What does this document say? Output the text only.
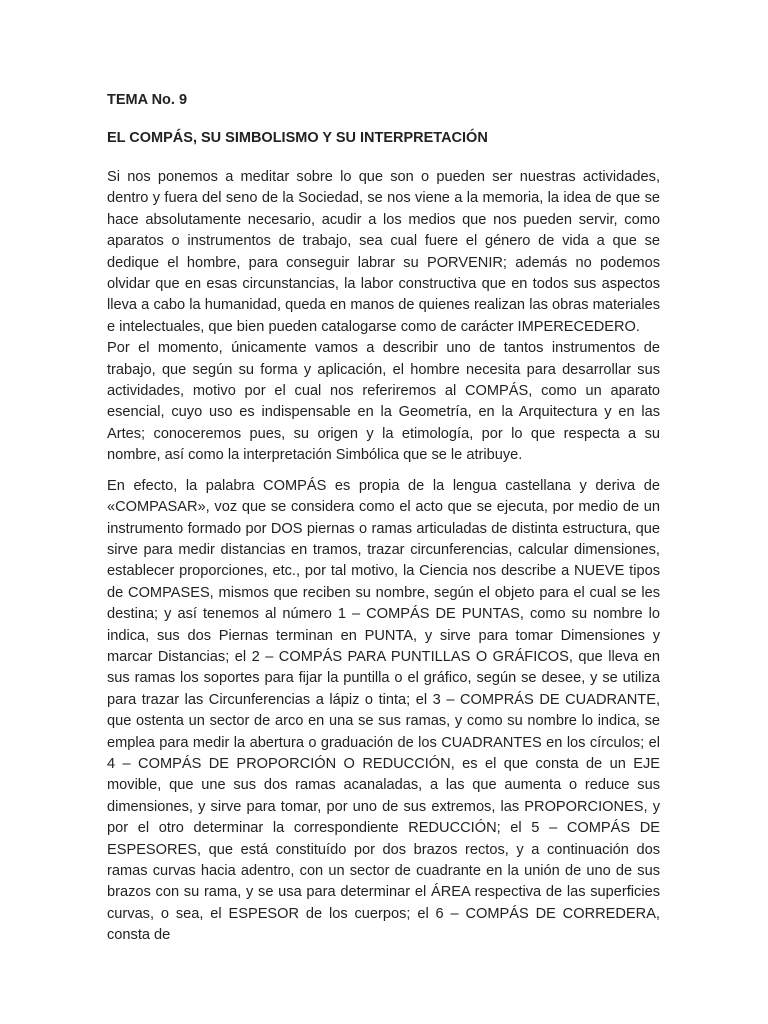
TEMA No. 9
EL COMPÁS, SU SIMBOLISMO Y SU INTERPRETACIÓN

Si nos ponemos a meditar sobre lo que son o pueden ser nuestras actividades, dentro y fuera del seno de la Sociedad, se nos viene a la memoria, la idea de que se hace absolutamente necesario, acudir a los medios que nos pueden servir, como aparatos o instrumentos de trabajo, sea cual fuere el género de vida a que se dedique el hombre, para conseguir labrar su PORVENIR; además no podemos olvidar que en esas circunstancias, la labor constructiva que en todos sus aspectos lleva a cabo la humanidad, queda en manos de quienes realizan las obras materiales e intelectuales, que bien pueden catalogarse como de carácter IMPERECEDERO.

Por el momento, únicamente vamos a describir uno de tantos instrumentos de trabajo, que según su forma y aplicación, el hombre necesita para desarrollar sus actividades, motivo por el cual nos referiremos al COMPÁS, como un aparato esencial, cuyo uso es indispensable en la Geometría, en la Arquitectura y en las Artes; conoceremos pues, su origen y la etimología, por lo que respecta a su nombre, así como la interpretación Simbólica que se le atribuye.

En efecto, la palabra COMPÁS es propia de la lengua castellana y deriva de «COMPASAR», voz que se considera como el acto que se ejecuta, por medio de un instrumento formado por DOS piernas o ramas articuladas de distinta estructura, que sirve para medir distancias en tramos, trazar circunferencias, calcular dimensiones, establecer proporciones, etc., por tal motivo, la Ciencia nos describe a NUEVE tipos de COMPASES, mismos que reciben su nombre, según el objeto para el cual se les destina; y así tenemos al número 1 – COMPÁS DE PUNTAS, como su nombre lo indica, sus dos Piernas terminan en PUNTA, y sirve para tomar Dimensiones y marcar Distancias; el 2 – COMPÁS PARA PUNTILLAS O GRÁFICOS, que lleva en sus ramas los soportes para fijar la puntilla o el gráfico, según se desee, y se utiliza para trazar las Circunferencias a lápiz o tinta; el 3 – COMPRÁS DE CUADRANTE, que ostenta un sector de arco en una se sus ramas, y como su nombre lo indica, se emplea para medir la abertura o graduación de los CUADRANTES en los círculos; el 4 – COMPÁS DE PROPORCIÓN O REDUCCIÓN, es el que consta de un EJE movible, que une sus dos ramas acanaladas, a las que aumenta o reduce sus dimensiones, y sirve para tomar, por uno de sus extremos, las PROPORCIONES, y por el otro determinar la correspondiente REDUCCIÓN; el 5 – COMPÁS DE ESPESORES, que está constituído por dos brazos rectos, y a continuación dos ramas curvas hacia adentro, con un sector de cuadrante en la unión de uno de sus brazos con su rama, y se usa para determinar el ÁREA respectiva de las superficies curvas, o sea, el ESPESOR de los cuerpos; el 6 – COMPÁS DE CORREDERA, consta de
